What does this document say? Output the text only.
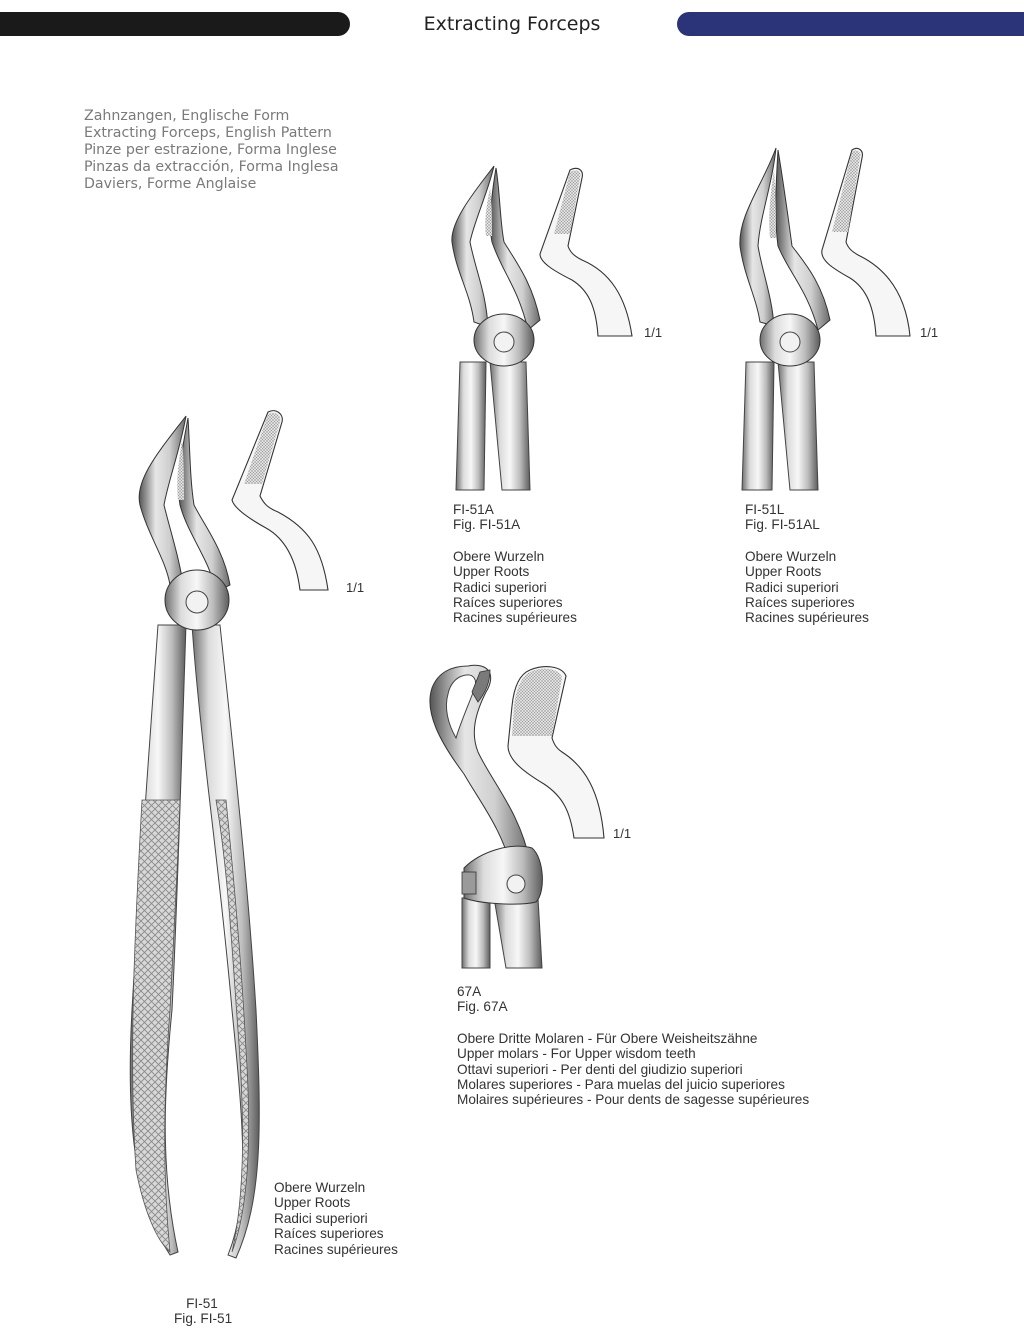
Extracting Forceps
Zahnzangen, Englische Form
Extracting Forceps, English Pattern
Pinze per estrazione, Forma Inglese
Pinzas da extracción, Forma Inglesa
Daviers, Forme Anglaise
1/1
Obere Wurzeln
Upper Roots
Radici superiori
Raíces superiores
Racines supérieures
FI-51
Fig. FI-51
1/1
FI-51A
Fig. FI-51A
Obere Wurzeln
Upper Roots
Radici superiori
Raíces superiores
Racines supérieures
1/1
FI-51L
Fig. FI-51AL
Obere Wurzeln
Upper Roots
Radici superiori
Raíces superiores
Racines supérieures
1/1
67A
Fig. 67A
Obere Dritte Molaren - Für Obere Weisheitszähne
Upper molars - For Upper wisdom teeth
Ottavi superiori - Per denti del giudizio superiori
Molares superiores - Para muelas del juicio superiores
Molaires supérieures - Pour dents de sagesse supérieures
